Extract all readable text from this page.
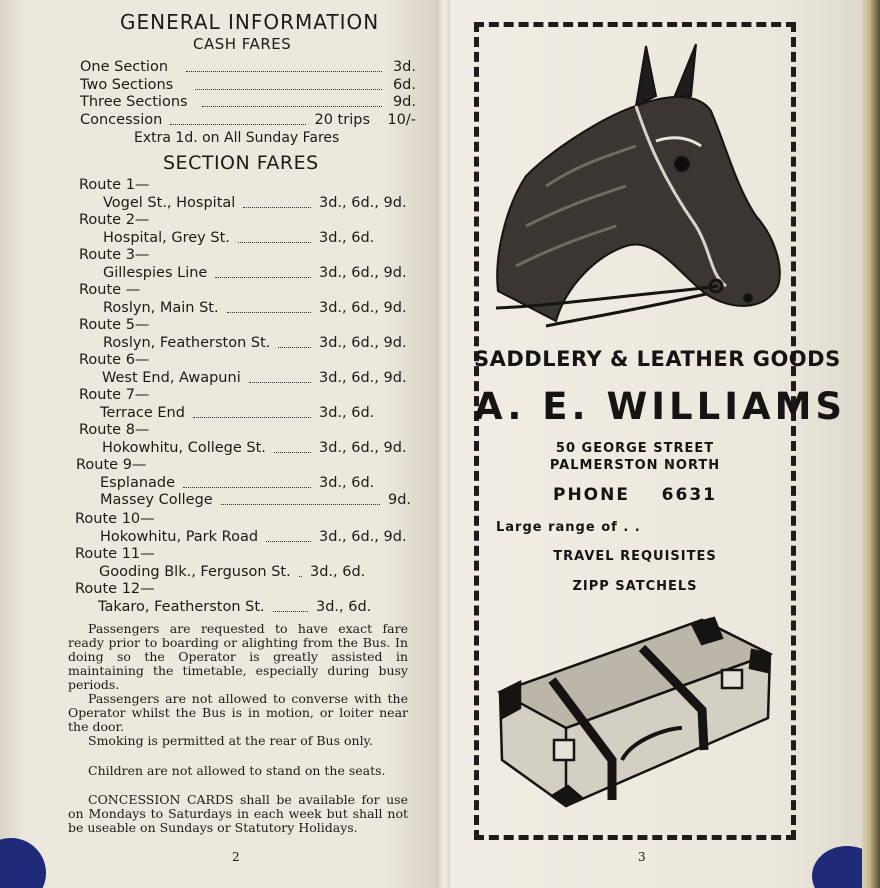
GENERAL INFORMATION
CASH FARES
One Section	3d.
Two Sections	6d.
Three Sections	9d.
Concession	20 trips 10/-
Extra 1d. on All Sunday Fares
SECTION FARES
Route 1—
Vogel St., Hospital	3d., 6d., 9d.
Route 2—
Hospital, Grey St.	3d., 6d.
Route 3—
Gillespies Line	3d., 6d., 9d.
Route —
Roslyn, Main St.	3d., 6d., 9d.
Route 5—
Roslyn, Featherston St.	3d., 6d., 9d.
Route 6—
West End, Awapuni	3d., 6d., 9d.
Route 7—
Terrace End	3d., 6d.
Route 8—
Hokowhitu, College St.	3d., 6d., 9d.
Route 9—
Esplanade	3d., 6d.
Massey College	9d.
Route 10—
Hokowhitu, Park Road	3d., 6d., 9d.
Route 11—
Gooding Blk., Ferguson St. 3d., 6d.
Route 12—
Takaro, Featherston St.	3d., 6d.
Passengers are requested to have exact fare ready prior to boarding or alighting from the Bus. In doing so the Operator is greatly assisted in maintaining the timetable, especially during busy periods.
Passengers are not allowed to converse with the Operator whilst the Bus is in motion, or loiter near the door.
Smoking is permitted at the rear of Bus only.
Children are not allowed to stand on the seats.
CONCESSION CARDS shall be available for use on Mondays to Saturdays in each week but shall not be useable on Sundays or Statutory Holidays.
2
SADDLERY & LEATHER GOODS
A. E. WILLIAMS
50 GEORGE STREET
PALMERSTON NORTH
PHONE 6631
Large range of . .
TRAVEL REQUISITES
ZIPP SATCHELS
3
